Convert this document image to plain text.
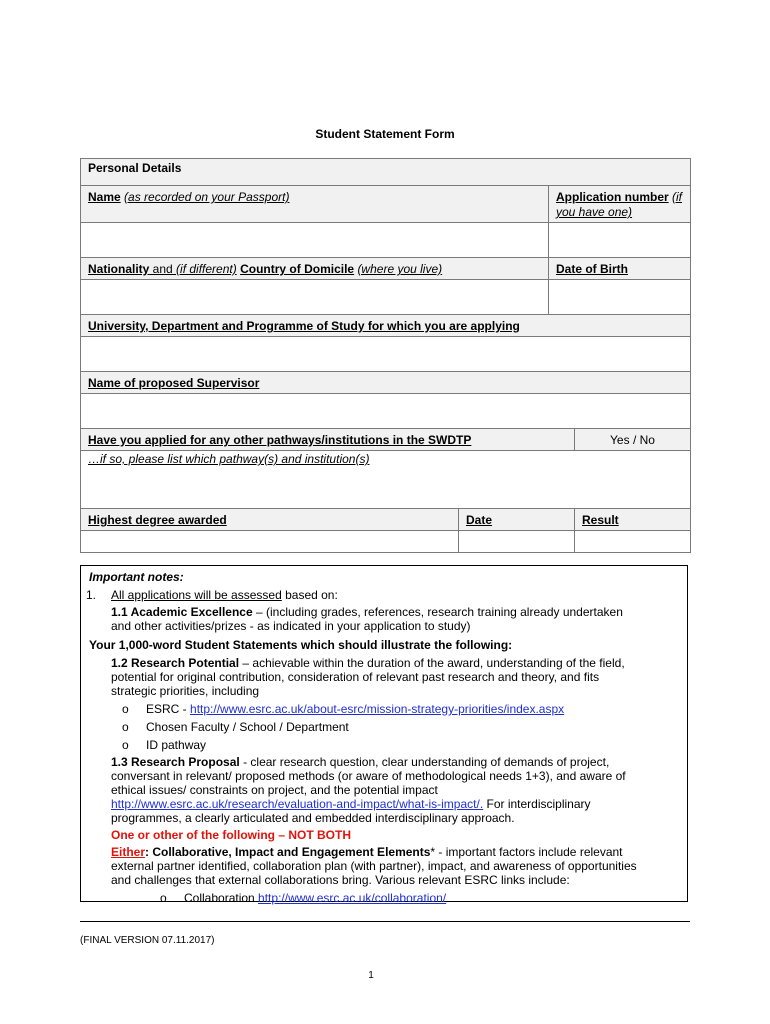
Student Statement Form
Personal Details			
Name (as recorded on your Passport)		Application number (if you have one)	

Nationality and (if different) Country of Domicile (where you live)		Date of Birth	

University, Department and Programme of Study for which you are applying			

Name of proposed Supervisor			

Have you applied for any other pathways/institutions in the SWDTP			Yes / No
…if so, please list which pathway(s) and institution(s)			
Highest degree awarded	Date		Result

Important notes:

1. All applications will be assessed based on:

1.1 Academic Excellence – (including grades, references, research training already undertaken

and other activities/prizes - as indicated in your application to study)

Your 1,000-word Student Statements which should illustrate the following:

1.2 Research Potential – achievable within the duration of the award, understanding of the field,

potential for original contribution, consideration of relevant past research and theory, and fits

strategic priorities, including

o ESRC - http://www.esrc.ac.uk/about-esrc/mission-strategy-priorities/index.aspx

o Chosen Faculty / School / Department

o ID pathway

1.3 Research Proposal - clear research question, clear understanding of demands of project,

conversant in relevant/ proposed methods (or aware of methodological needs 1+3), and aware of

ethical issues/ constraints on project, and the potential impact

http://www.esrc.ac.uk/research/evaluation-and-impact/what-is-impact/. For interdisciplinary

programmes, a clearly articulated and embedded interdisciplinary approach.

One or other of the following – NOT BOTH

Either: Collaborative, Impact and Engagement Elements* - important factors include relevant

external partner identified, collaboration plan (with partner), impact, and awareness of opportunities

and challenges that external collaborations bring. Various relevant ESRC links include:

o Collaboration http://www.esrc.ac.uk/collaboration/

(FINAL VERSION 07.11.2017)
1
